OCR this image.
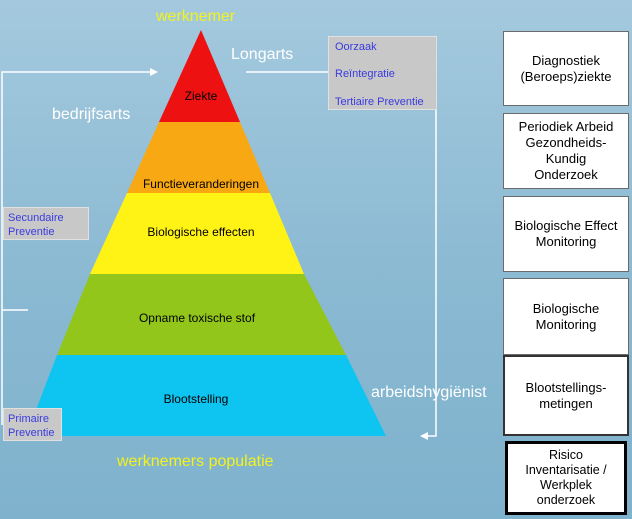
Ziekte
Functieveranderingen
Biologische effecten
Opname toxische stof
Blootstelling
werknemer
werknemers populatie
Longarts
bedrijfsarts
arbeidshygiënist
Oorzaak
Reïntegratie
Tertiaire Preventie
Secundaire
Preventie
Primaire
Preventie
Diagnostiek
(Beroeps)ziekte
Periodiek Arbeid
Gezondheids-
Kundig
Onderzoek
Biologische Effect
Monitoring
Biologische
Monitoring
Blootstellings-
metingen
Risico
Inventarisatie /
Werkplek
onderzoek
